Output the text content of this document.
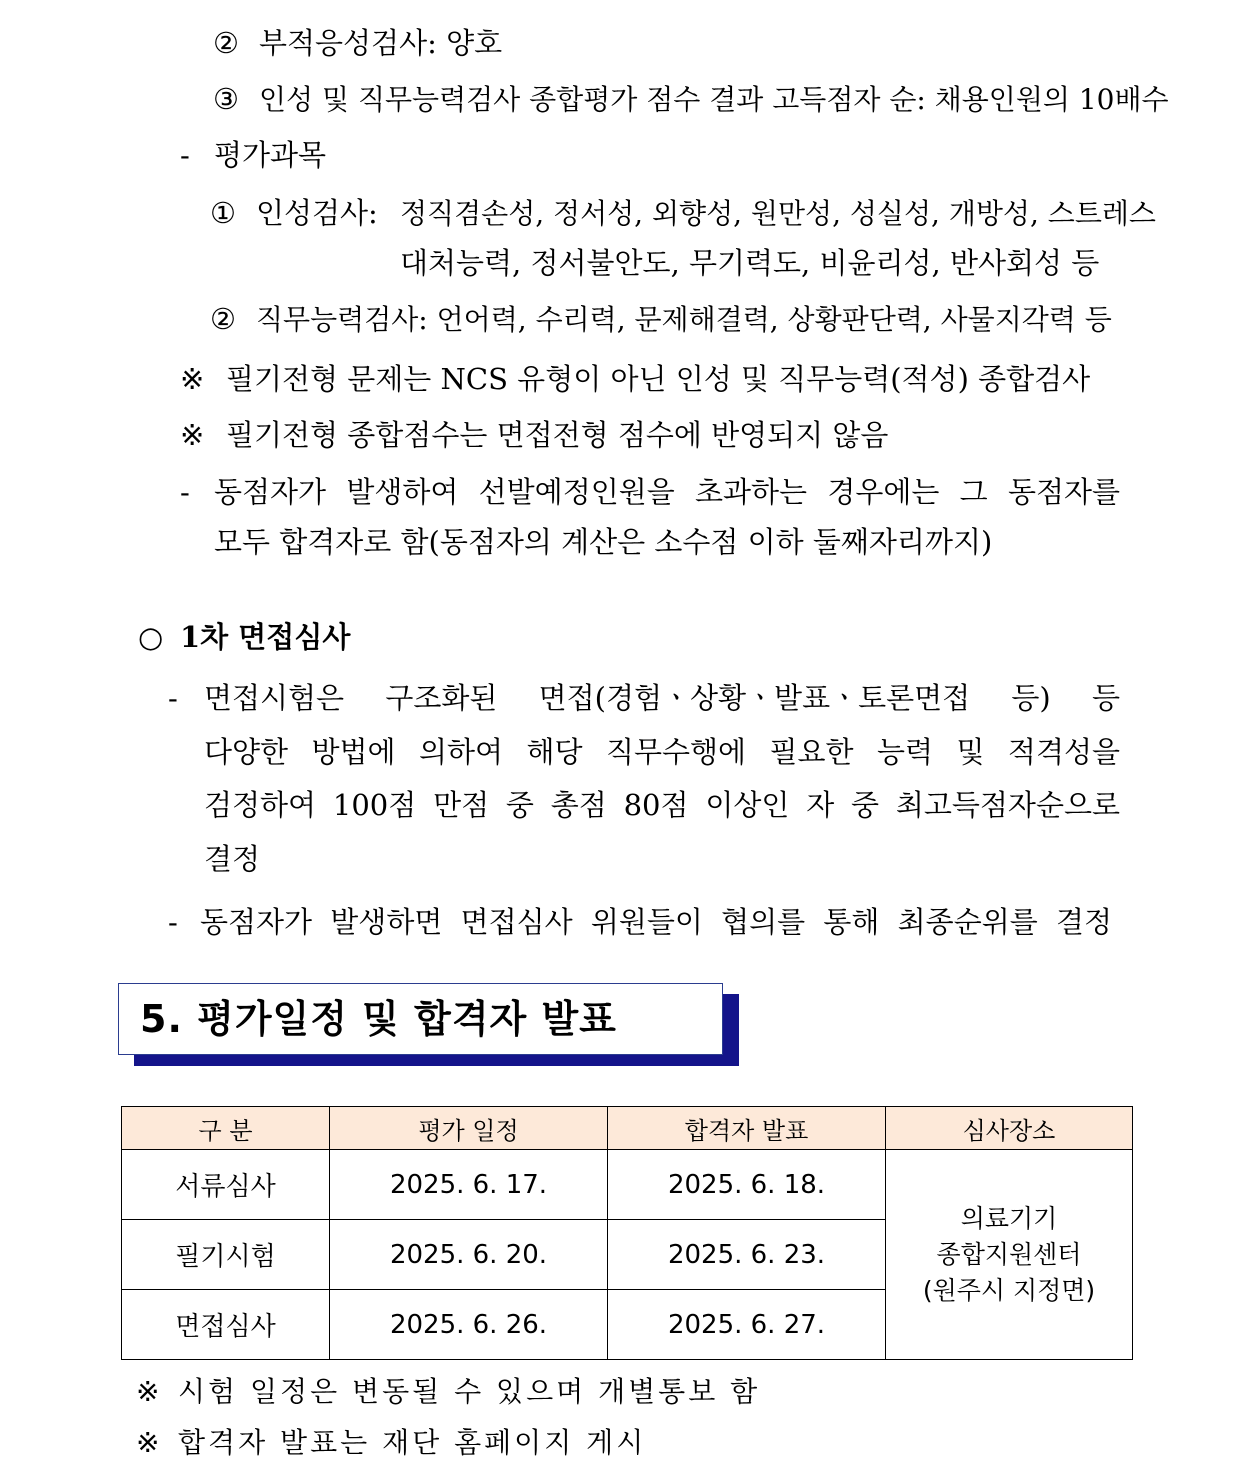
② 부적응성검사: 양호
③ 인성 및 직무능력검사 종합평가 점수 결과 고득점자 순: 채용인원의 10배수
- 평가과목
① 인성검사: 정직겸손성, 정서성, 외향성, 원만성, 성실성, 개방성, 스트레스
대처능력, 정서불안도, 무기력도, 비윤리성, 반사회성 등
② 직무능력검사: 언어력, 수리력, 문제해결력, 상황판단력, 사물지각력 등
※ 필기전형 문제는 NCS 유형이 아닌 인성 및 직무능력(적성) 종합검사
※ 필기전형 종합점수는 면접전형 점수에 반영되지 않음
- 동점자가 발생하여 선발예정인원을 초과하는 경우에는 그 동점자를
모두 합격자로 함(동점자의 계산은 소수점 이하 둘째자리까지)
○ 1차 면접심사
- 면접시험은 구조화된 면접(경험ㆍ상황ㆍ발표ㆍ토론면접 등) 등
다양한 방법에 의하여 해당 직무수행에 필요한 능력 및 적격성을
검정하여 100점 만점 중 총점 80점 이상인 자 중 최고득점자순으로
결정
- 동점자가 발생하면 면접심사 위원들이 협의를 통해 최종순위를 결정
5. 평가일정 및 합격자 발표
구 분	평가 일정	합격자 발표	심사장소
서류심사	2025. 6. 17.	2025. 6. 18.	의료기기
종합지원센터
(원주시 지정면)

필기시험	2025. 6. 20.	2025. 6. 23.	
면접심사	2025. 6. 26.	2025. 6. 27.	
※ 시험 일정은 변동될 수 있으며 개별통보 함
※ 합격자 발표는 재단 홈페이지 게시
